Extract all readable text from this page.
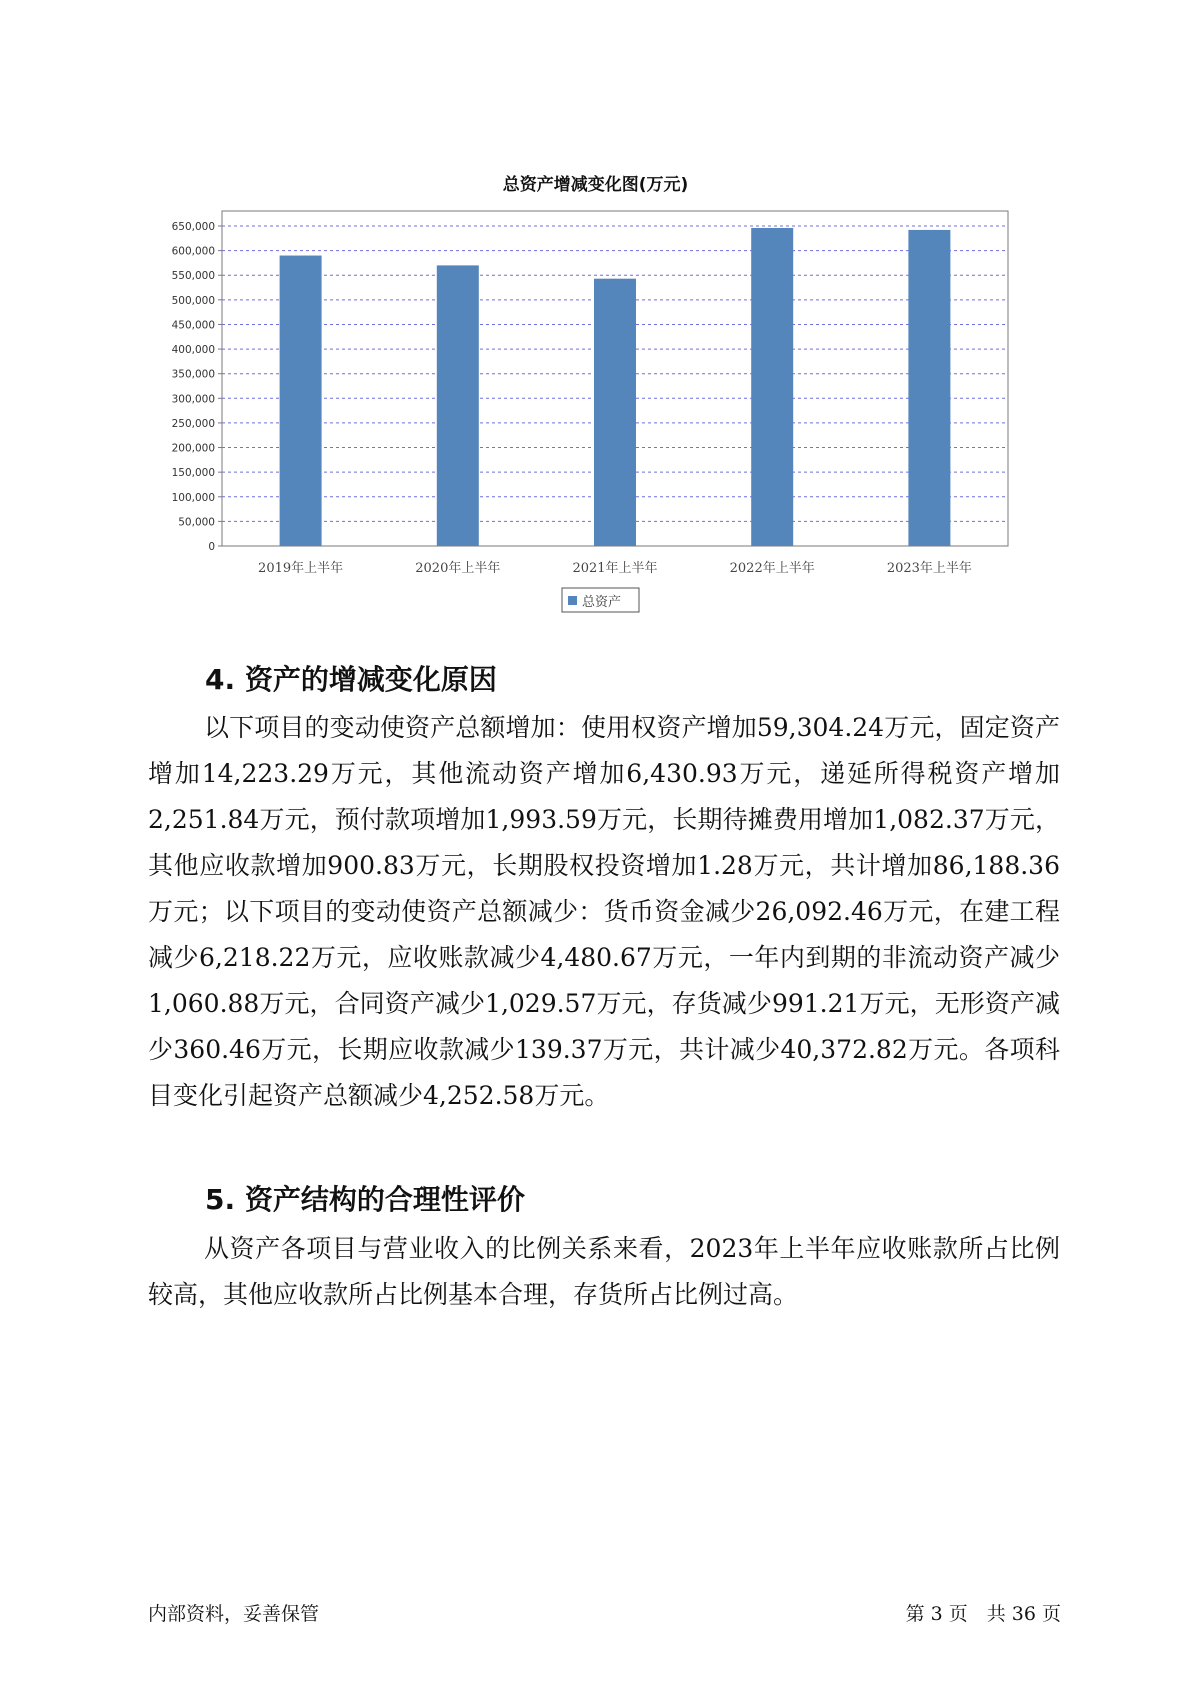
总资产增减变化图(万元)
0
50,000
100,000
150,000
200,000
250,000
300,000
350,000
400,000
450,000
500,000
550,000
600,000
650,000
2019年上半年	2020年上半年	2021年上半年	2022年上半年	2023年上半年
总资产
4. 资产的增减变化原因

以下项目的变动使资产总额增加：使用权资产增加59,304.24万元，固定资产增加14,223.29万元，其他流动资产增加6,430.93万元，递延所得税资产增加2,251.84万元，预付款项增加1,993.59万元，长期待摊费用增加1,082.37万元，其他应收款增加900.83万元，长期股权投资增加1.28万元，共计增加86,188.36万元；以下项目的变动使资产总额减少：货币资金减少26,092.46万元，在建工程减少6,218.22万元，应收账款减少4,480.67万元，一年内到期的非流动资产减少1,060.88万元，合同资产减少1,029.57万元，存货减少991.21万元，无形资产减少360.46万元，长期应收款减少139.37万元，共计减少40,372.82万元。各项科目变化引起资产总额减少4,252.58万元。

5. 资产结构的合理性评价

从资产各项目与营业收入的比例关系来看，2023年上半年应收账款所占比例较高，其他应收款所占比例基本合理，存货所占比例过高。

内部资料，妥善保管	第 3 页　共 36 页
